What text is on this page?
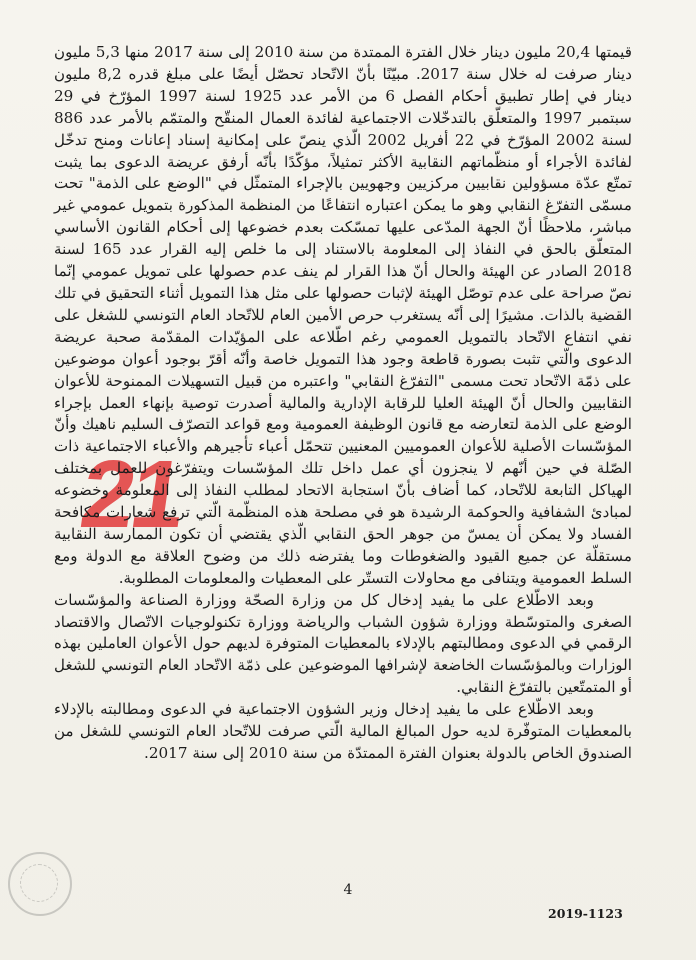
21

قيمتها 20,4 مليون دينار خلال الفترة الممتدة من سنة 2010 إلى سنة 2017 منها 5,3 مليون دينار صرفت له خلال سنة 2017. مبيّنًا بأنّ الاتّحاد تحصّل أيضًا على مبلغ قدره 8,2 مليون دينار في إطار تطبيق أحكام الفصل 6 من الأمر عدد 1925 لسنة 1997 المؤرّخ في 29 سبتمبر 1997 والمتعلّق بالتدخّلات الاجتماعية لفائدة العمال المنقّح والمتمّم بالأمر عدد 886 لسنة 2002 المؤرّخ في 22 أفريل 2002 الّذي ينصّ على إمكانية إسناد إعانات ومنح تدخّل لفائدة الأجراء أو منظّماتهم النقابية الأكثر تمثيلاً، مؤكّدًا بأنّه أرفق عريضة الدعوى بما يثبت تمتّع عدّة مسؤولين نقابيين مركزيين وجهويين بالإجراء المتمثّل في "الوضع على الذمة" تحت مسمّى التفرّغ النقابي وهو ما يمكن اعتباره انتفاعًا من المنظمة المذكورة بتمويل عمومي غير مباشر، ملاحظًا أنّ الجهة المدّعى عليها تمسّكت بعدم خضوعها إلى أحكام القانون الأساسي المتعلّق بالحق في النفاذ إلى المعلومة بالاستناد إلى ما خلص إليه القرار عدد 165 لسنة 2018 الصادر عن الهيئة والحال أنّ هذا القرار لم ينف عدم حصولها على تمويل عمومي إنّما نصّ صراحة على عدم توصّل الهيئة لإثبات حصولها على مثل هذا التمويل أثناء التحقيق في تلك القضية بالذات. مشيرًا إلى أنّه يستغرب حرص الأمين العام للاتّحاد العام التونسي للشغل على نفي انتفاع الاتّحاد بالتمويل العمومي رغم اطّلاعه على المؤيّدات المقدّمة صحبة عريضة الدعوى والّتي تثبت بصورة قاطعة وجود هذا التمويل خاصة وأنّه أقرّ بوجود أعوان موضوعين على ذمّة الاتّحاد تحت مسمى "التفرّغ النقابي" واعتبره من قبيل التسهيلات الممنوحة للأعوان النقابيين والحال أنّ الهيئة العليا للرقابة الإدارية والمالية أصدرت توصية بإنهاء العمل بإجراء الوضع على الذمة لتعارضه مع قانون الوظيفة العمومية ومع قواعد التصرّف السليم ناهيك وأنّ المؤسّسات الأصلية للأعوان العموميين المعنيين تتحمّل أعباء تأجيرهم والأعباء الاجتماعية ذات الصّلة في حين أنّهم لا ينجزون أي عمل داخل تلك المؤسّسات ويتفرّغون للعمل بمختلف الهياكل التابعة للاتّحاد، كما أضاف بأنّ استجابة الاتحاد لمطلب النفاذ إلى المعلومة وخضوعه لمبادئ الشفافية والحوكمة الرشيدة هو في مصلحة هذه المنظّمة الّتي ترفع شعارات مكافحة الفساد ولا يمكن أن يمسّ من جوهر الحق النقابي الّذي يقتضي أن تكون الممارسة النقابية مستقلّة عن جميع القيود والضغوطات وما يفترضه ذلك من وضوح العلاقة مع الدولة ومع السلط العمومية ويتنافى مع محاولات التستّر على المعطيات والمعلومات المطلوبة.

وبعد الاطّلاع على ما يفيد إدخال كل من وزارة الصحّة ووزارة الصناعة والمؤسّسات الصغرى والمتوسّطة ووزارة شؤون الشباب والرياضة ووزارة تكنولوجيات الاتّصال والاقتصاد الرقمي في الدعوى ومطالبتهم بالإدلاء بالمعطيات المتوفرة لديهم حول الأعوان العاملين بهذه الوزارات وبالمؤسّسات الخاضعة لإشرافها الموضوعين على ذمّة الاتّحاد العام التونسي للشغل أو المتمتّعين بالتفرّغ النقابي.

وبعد الاطّلاع على ما يفيد إدخال وزير الشؤون الاجتماعية في الدعوى ومطالبته بالإدلاء بالمعطيات المتوفّرة لديه حول المبالغ المالية الّتي صرفت للاتّحاد العام التونسي للشغل من الصندوق الخاص بالدولة بعنوان الفترة الممتدّة من سنة 2010 إلى سنة 2017.

4
2019-1123
